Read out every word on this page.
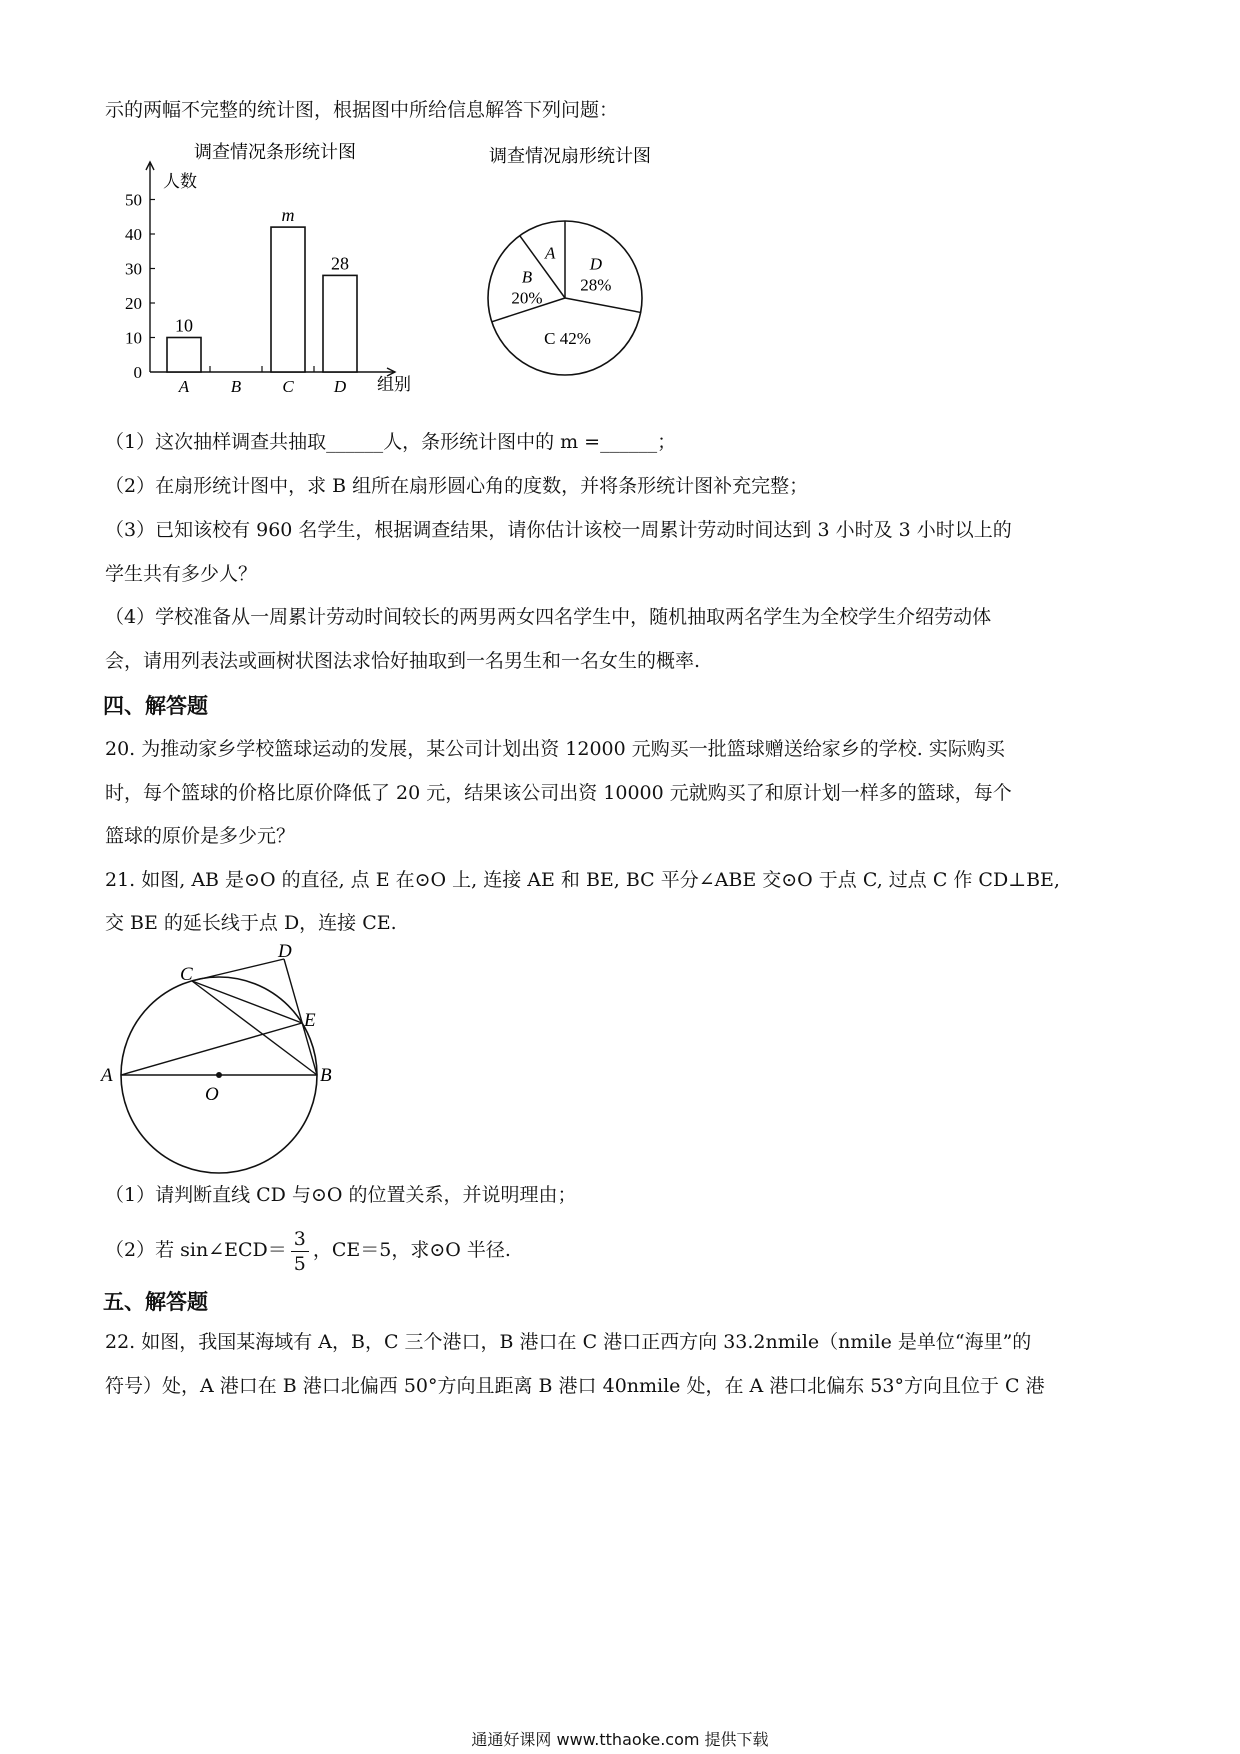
示的两幅不完整的统计图，根据图中所给信息解答下列问题：
调查情况条形统计图
人数
组别
0
10
20
30
40
50
A
10
B C
m
D
28
调查情况扇形统计图
A
B
20%
C 42%
D
28%
（1）这次抽样调查共抽取______人，条形统计图中的 m =______；
（2）在扇形统计图中，求 B 组所在扇形圆心角的度数，并将条形统计图补充完整；
（3）已知该校有 960 名学生，根据调查结果，请你估计该校一周累计劳动时间达到 3 小时及 3 小时以上的
学生共有多少人？
（4）学校准备从一周累计劳动时间较长的两男两女四名学生中，随机抽取两名学生为全校学生介绍劳动体
会，请用列表法或画树状图法求恰好抽取到一名男生和一名女生的概率.
四、解答题
20. 为推动家乡学校篮球运动的发展，某公司计划出资 12000 元购买一批篮球赠送给家乡的学校. 实际购买
时，每个篮球的价格比原价降低了 20 元，结果该公司出资 10000 元就购买了和原计划一样多的篮球，每个
篮球的原价是多少元？
21. 如图, AB 是⊙O 的直径, 点 E 在⊙O 上, 连接 AE 和 BE, BC 平分∠ABE 交⊙O 于点 C, 过点 C 作 CD⊥BE,
交 BE 的延长线于点 D，连接 CE.
A	B
C
D
E
O
（1）请判断直线 CD 与⊙O 的位置关系，并说明理由；
（2）若 sin∠ECD＝ $\frac{3}{5}$ ，CE＝5，求⊙O 半径.
五、解答题
22. 如图，我国某海域有 A，B，C 三个港口，B 港口在 C 港口正西方向 33.2nmile（nmile 是单位“海里”的
符号）处，A 港口在 B 港口北偏西 50°方向且距离 B 港口 40nmile 处，在 A 港口北偏东 53°方向且位于 C 港
通通好课网 www.tthaoke.com 提供下载
